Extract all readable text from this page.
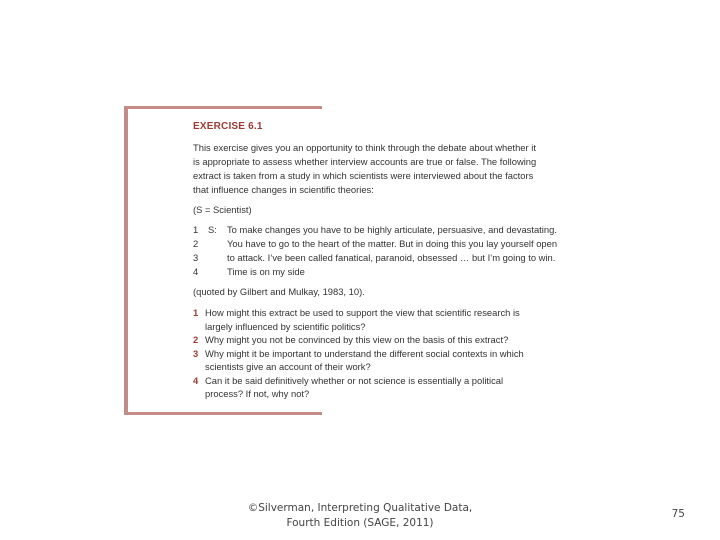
EXERCISE 6.1
This exercise gives you an opportunity to think through the debate about whether it is appropriate to assess whether interview accounts are true or false. The following extract is taken from a study in which scientists were interviewed about the factors that influence changes in scientific theories:
(S = Scientist)
1 S: To make changes you have to be highly articulate, persuasive, and devastating.
2	You have to go to the heart of the matter. But in doing this you lay yourself open
3	to attack. I’ve been called fanatical, paranoid, obsessed … but I’m going to win.
4	Time is on my side
(quoted by Gilbert and Mulkay, 1983, 10).
1 How might this extract be used to support the view that scientific research is largely influenced by scientific politics?
2 Why might you not be convinced by this view on the basis of this extract?
3 Why might it be important to understand the different social contexts in which scientists give an account of their work?
4 Can it be said definitively whether or not science is essentially a political process? If not, why not?
©Silverman, Interpreting Qualitative Data,
Fourth Edition (SAGE, 2011)
75
